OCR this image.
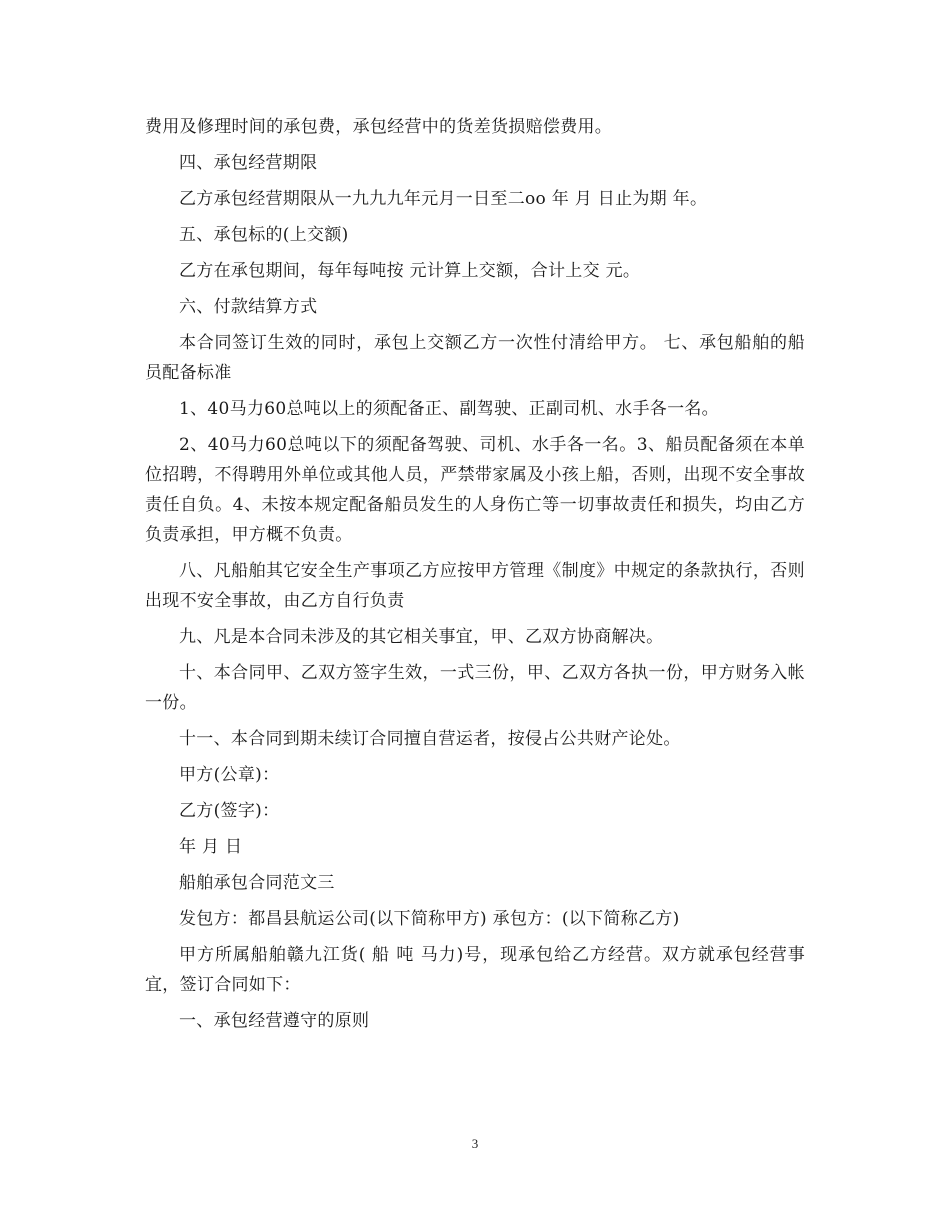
费用及修理时间的承包费，承包经营中的货差货损赔偿费用。

四、承包经营期限

乙方承包经营期限从一九九九年元月一日至二oo 年 月 日止为期 年。

五、承包标的(上交额)

乙方在承包期间，每年每吨按 元计算上交额，合计上交 元。

六、付款结算方式

本合同签订生效的同时，承包上交额乙方一次性付清给甲方。 七、承包船舶的船员配备标准

1、40马力60总吨以上的须配备正、副驾驶、正副司机、水手各一名。

2、40马力60总吨以下的须配备驾驶、司机、水手各一名。3、船员配备须在本单位招聘，不得聘用外单位或其他人员，严禁带家属及小孩上船，否则，出现不安全事故责任自负。4、未按本规定配备船员发生的人身伤亡等一切事故责任和损失，均由乙方负责承担，甲方概不负责。

八、凡船舶其它安全生产事项乙方应按甲方管理《制度》中规定的条款执行，否则出现不安全事故，由乙方自行负责

九、凡是本合同未涉及的其它相关事宜，甲、乙双方协商解决。

十、本合同甲、乙双方签字生效，一式三份，甲、乙双方各执一份，甲方财务入帐一份。

十一、本合同到期未续订合同擅自营运者，按侵占公共财产论处。

甲方(公章)：

乙方(签字)：

年 月 日

船舶承包合同范文三

发包方：都昌县航运公司(以下简称甲方) 承包方：(以下简称乙方)

甲方所属船舶赣九江货( 船 吨 马力)号，现承包给乙方经营。双方就承包经营事宜，签订合同如下：

一、承包经营遵守的原则

3
